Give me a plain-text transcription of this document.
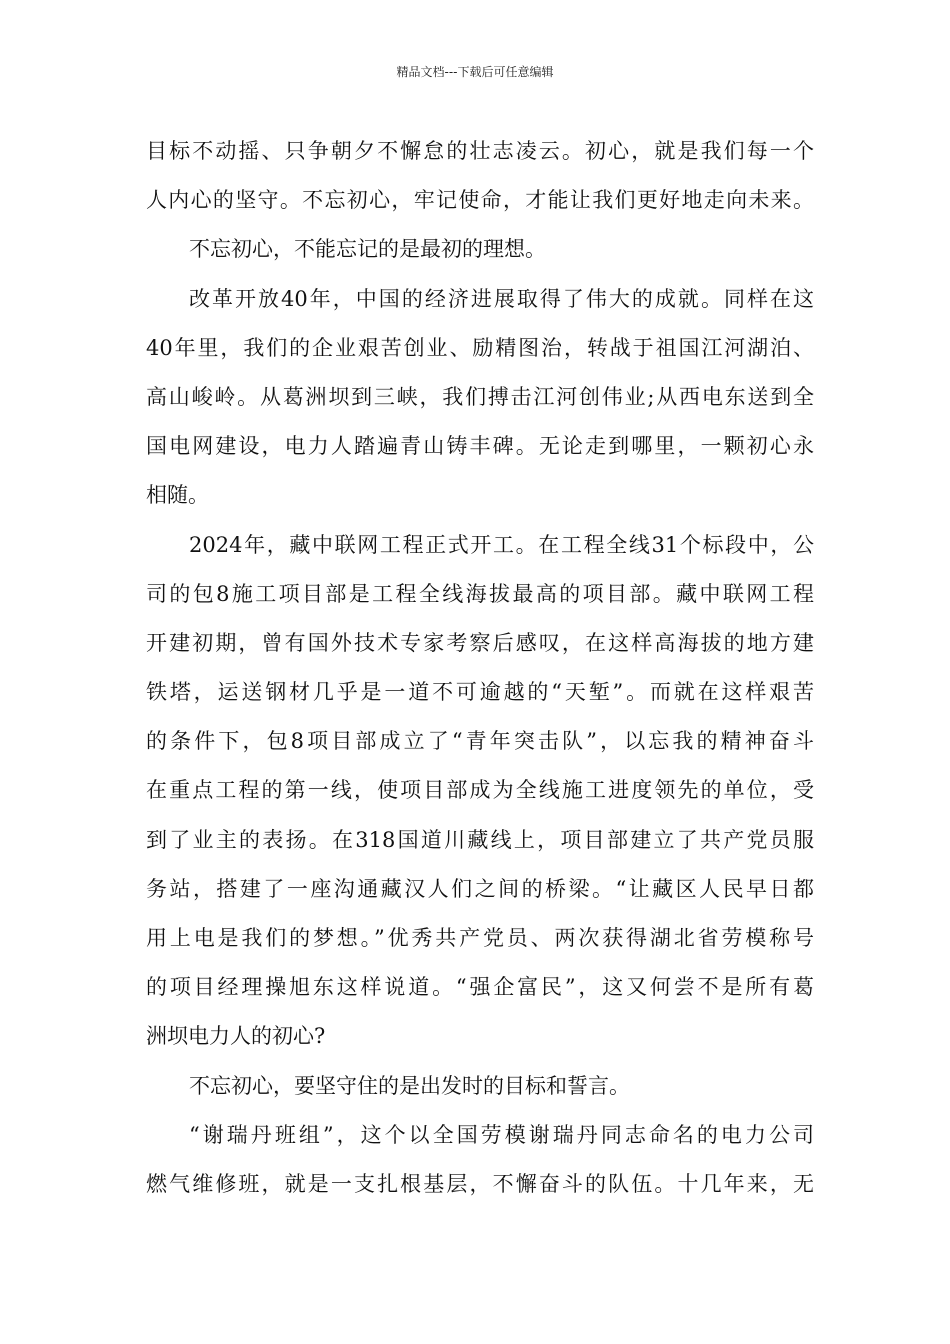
精品文档---下载后可任意编辑
目标不动摇、只争朝夕不懈怠的壮志凌云。初心，就是我们每一个
人内心的坚守。不忘初心，牢记使命，才能让我们更好地走向未来。
不忘初心，不能忘记的是最初的理想。
改革开放40年，中国的经济进展取得了伟大的成就。同样在这
40年里，我们的企业艰苦创业、励精图治，转战于祖国江河湖泊、
高山峻岭。从葛洲坝到三峡，我们搏击江河创伟业;从西电东送到全
国电网建设，电力人踏遍青山铸丰碑。无论走到哪里，一颗初心永
相随。
2024年，藏中联网工程正式开工。在工程全线31个标段中，公
司的包8施工项目部是工程全线海拔最高的项目部。藏中联网工程
开建初期，曾有国外技术专家考察后感叹，在这样高海拔的地方建
铁塔，运送钢材几乎是一道不可逾越的“天堑”。而就在这样艰苦
的条件下，包8项目部成立了“青年突击队”，以忘我的精神奋斗
在重点工程的第一线，使项目部成为全线施工进度领先的单位，受
到了业主的表扬。在318国道川藏线上，项目部建立了共产党员服
务站，搭建了一座沟通藏汉人们之间的桥梁。“让藏区人民早日都
用上电是我们的梦想。”优秀共产党员、两次获得湖北省劳模称号
的项目经理操旭东这样说道。“强企富民”，这又何尝不是所有葛
洲坝电力人的初心?
不忘初心，要坚守住的是出发时的目标和誓言。
“谢瑞丹班组”，这个以全国劳模谢瑞丹同志命名的电力公司
燃气维修班，就是一支扎根基层，不懈奋斗的队伍。十几年来，无
